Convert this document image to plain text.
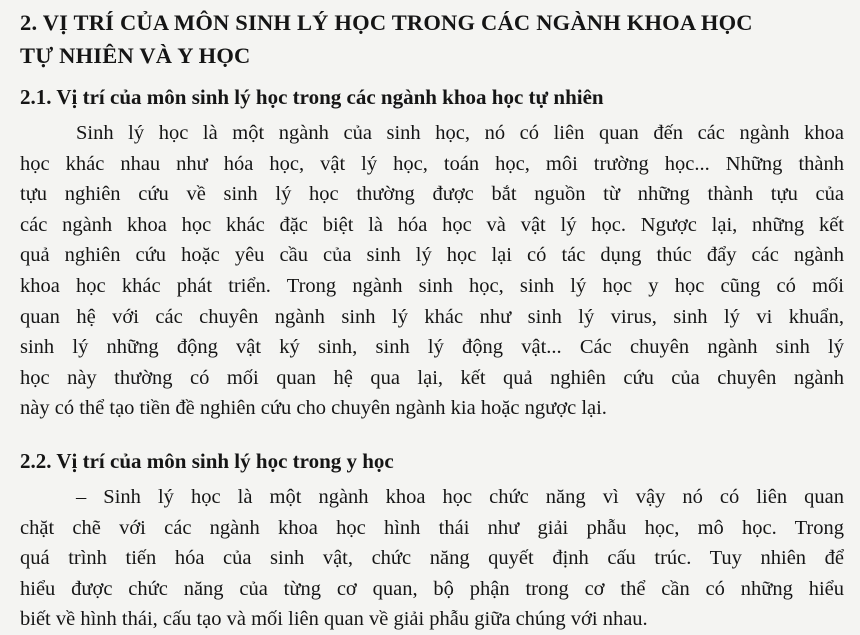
2. VỊ TRÍ CỦA MÔN SINH LÝ HỌC TRONG CÁC NGÀNH KHOA HỌC
TỰ NHIÊN VÀ Y HỌC
2.1. Vị trí của môn sinh lý học trong các ngành khoa học tự nhiên

Sinh lý học là một ngành của sinh học, nó có liên quan đến các ngành khoa
học khác nhau như hóa học, vật lý học, toán học, môi trường học... Những thành
tựu nghiên cứu về sinh lý học thường được bắt nguồn từ những thành tựu của
các ngành khoa học khác đặc biệt là hóa học và vật lý học. Ngược lại, những kết
quả nghiên cứu hoặc yêu cầu của sinh lý học lại có tác dụng thúc đẩy các ngành
khoa học khác phát triển. Trong ngành sinh học, sinh lý học y học cũng có mối
quan hệ với các chuyên ngành sinh lý khác như sinh lý virus, sinh lý vi khuẩn,
sinh lý những động vật ký sinh, sinh lý động vật... Các chuyên ngành sinh lý
học này thường có mối quan hệ qua lại, kết quả nghiên cứu của chuyên ngành
này có thể tạo tiền đề nghiên cứu cho chuyên ngành kia hoặc ngược lại.

2.2. Vị trí của môn sinh lý học trong y học

– Sinh lý học là một ngành khoa học chức năng vì vậy nó có liên quan
chặt chẽ với các ngành khoa học hình thái như giải phẫu học, mô học. Trong
quá trình tiến hóa của sinh vật, chức năng quyết định cấu trúc. Tuy nhiên để
hiểu được chức năng của từng cơ quan, bộ phận trong cơ thể cần có những hiểu
biết về hình thái, cấu tạo và mối liên quan về giải phẫu giữa chúng với nhau.
